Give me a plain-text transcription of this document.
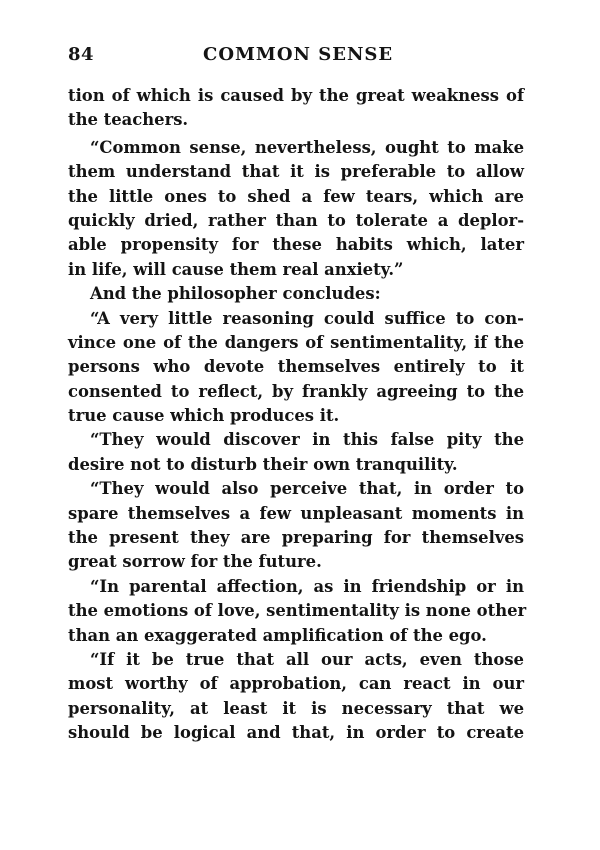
84	COMMON SENSE
tion of which is caused by the great weakness of
the teachers.
“Common sense, nevertheless, ought to make
them understand that it is preferable to allow
the little ones to shed a few tears, which are
quickly dried, rather than to tolerate a deplor-
able propensity for these habits which, later
in life, will cause them real anxiety.”
And the philosopher concludes:
“A very little reasoning could suffice to con-
vince one of the dangers of sentimentality, if the
persons who devote themselves entirely to it
consented to reflect, by frankly agreeing to the
true cause which produces it.
“They would discover in this false pity the
desire not to disturb their own tranquility.
“They would also perceive that, in order to
spare themselves a few unpleasant moments in
the present they are preparing for themselves
great sorrow for the future.
“In parental affection, as in friendship or in
the emotions of love, sentimentality is none other
than an exaggerated amplification of the ego.
“If it be true that all our acts, even those
most worthy of approbation, can react in our
personality, at least it is necessary that we
should be logical and that, in order to create
